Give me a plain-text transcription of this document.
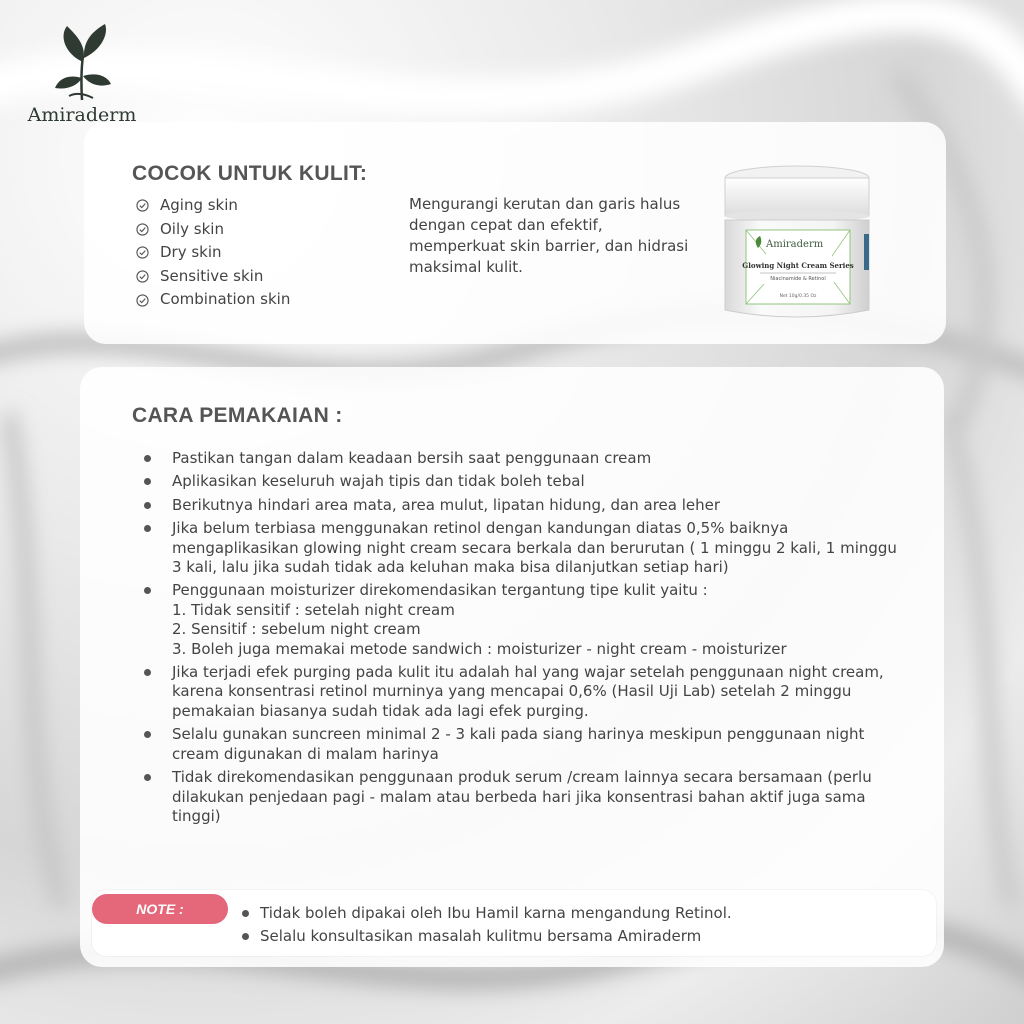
Amiraderm
COCOK UNTUK KULIT:
Aging skin
Oily skin
Dry skin
Sensitive skin
Combination skin
Mengurangi kerutan dan garis halus dengan cepat dan efektif, memperkuat skin barrier, dan hidrasi maksimal kulit.
Amiraderm
Glowing Night Cream Series
Niacinamide & Retinol
Net 10g/0.35 Oz
CARA PEMAKAIAN :
Pastikan tangan dalam keadaan bersih saat penggunaan cream
Aplikasikan keseluruh wajah tipis dan tidak boleh tebal
Berikutnya hindari area mata, area mulut, lipatan hidung, dan area leher
Jika belum terbiasa menggunakan retinol dengan kandungan diatas 0,5% baiknya mengaplikasikan glowing night cream secara berkala dan berurutan ( 1 minggu 2 kali, 1 minggu 3 kali, lalu jika sudah tidak ada keluhan maka bisa dilanjutkan setiap hari)
Penggunaan moisturizer direkomendasikan tergantung tipe kulit yaitu :
1. Tidak sensitif : setelah night cream
2. Sensitif : sebelum night cream
3. Boleh juga memakai metode sandwich : moisturizer - night cream - moisturizer
Jika terjadi efek purging pada kulit itu adalah hal yang wajar setelah penggunaan night cream, karena konsentrasi retinol murninya yang mencapai 0,6% (Hasil Uji Lab) setelah 2 minggu pemakaian biasanya sudah tidak ada lagi efek purging.
Selalu gunakan suncreen minimal 2 - 3 kali pada siang harinya meskipun penggunaan night cream digunakan di malam harinya
Tidak direkomendasikan penggunaan produk serum /cream lainnya secara bersamaan (perlu dilakukan penjedaan pagi - malam atau berbeda hari jika konsentrasi bahan aktif juga sama tinggi)
NOTE :	Tidak boleh dipakai oleh Ibu Hamil karna mengandung Retinol.
Selalu konsultasikan masalah kulitmu bersama Amiraderm
